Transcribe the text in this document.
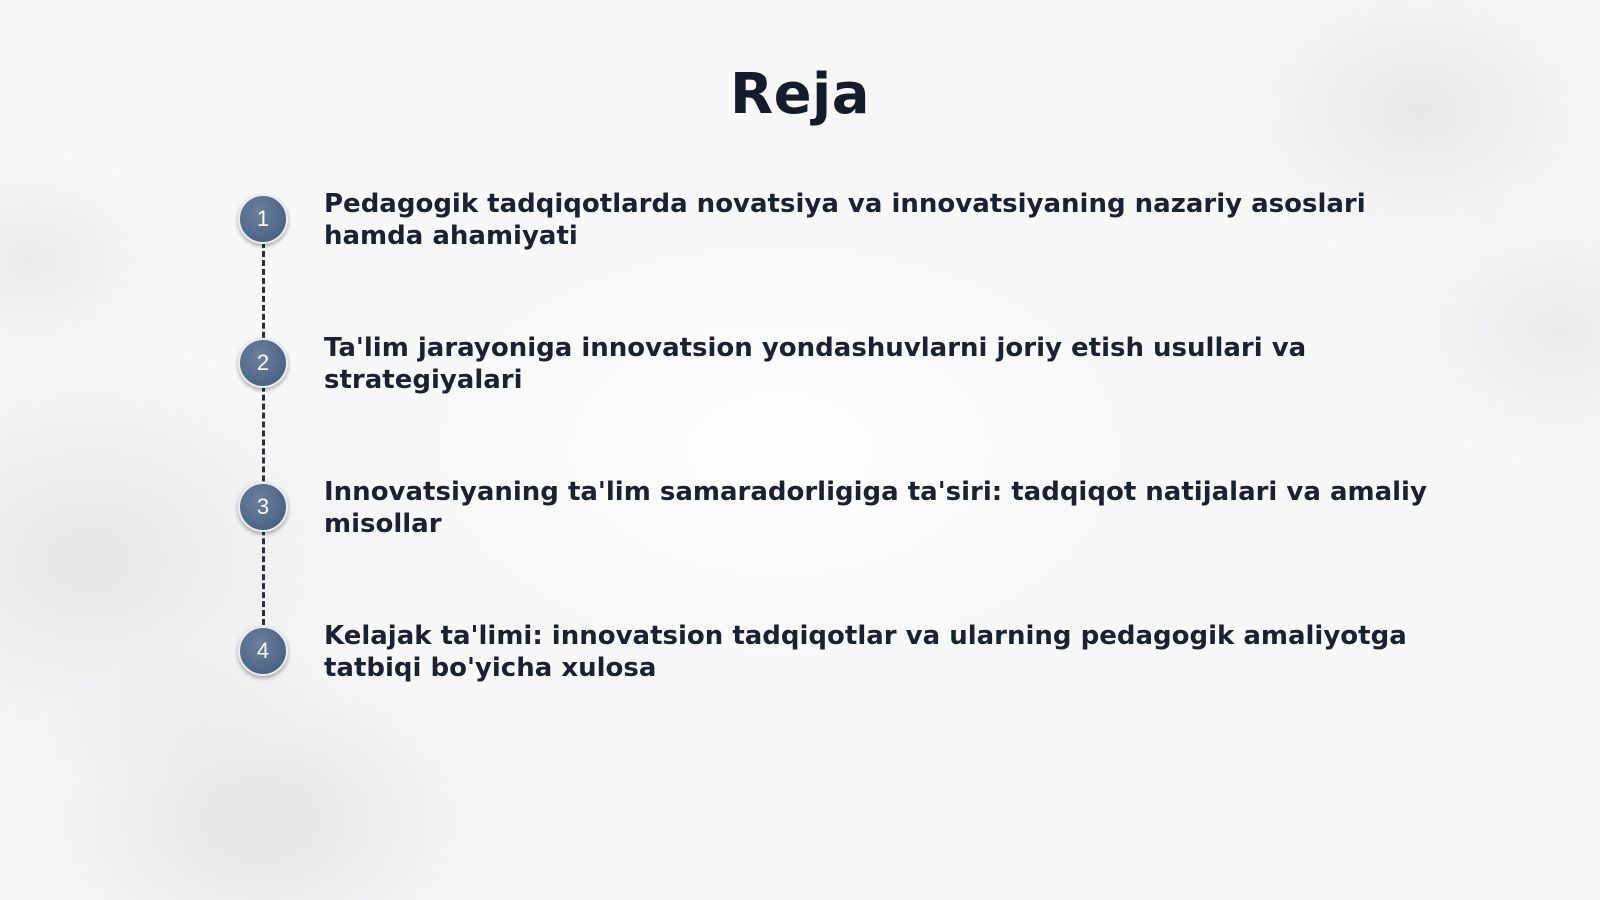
Reja
1	Pedagogik tadqiqotlarda novatsiya va innovatsiyaning nazariy asoslari hamda ahamiyati
2	Ta'lim jarayoniga innovatsion yondashuvlarni joriy etish usullari va strategiyalari
3	Innovatsiyaning ta'lim samaradorligiga ta'siri: tadqiqot natijalari va amaliy misollar
4	Kelajak ta'limi: innovatsion tadqiqotlar va ularning pedagogik amaliyotga tatbiqi bo'yicha xulosa
